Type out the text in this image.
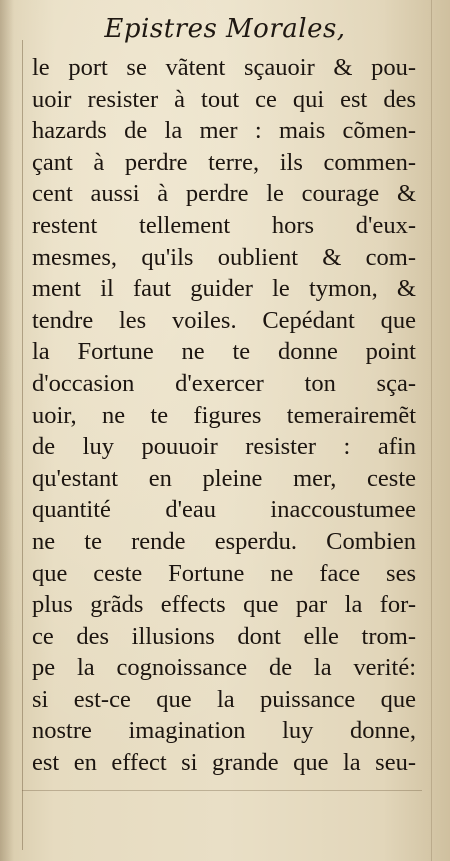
Epistres Morales,
le port se vãtent sçauoir & pou-
uoir resister à tout ce qui est des
hazards de la mer : mais cõmen-
çant à perdre terre, ils commen-
cent aussi à perdre le courage &
restent tellement hors d'eux-
mesmes, qu'ils oublient & com-
ment il faut guider le tymon, &
tendre les voiles. Cepédant que
la Fortune ne te donne point
d'occasion d'exercer ton sça-
uoir, ne te figures temerairemẽt
de luy pouuoir resister : afin
qu'estant en pleine mer, ceste
quantité d'eau inaccoustumee
ne te rende esperdu. Combien
que ceste Fortune ne face ses
plus grãds effects que par la for-
ce des illusions dont elle trom-
pe la cognoissance de la verité:
si est-ce que la puissance que
nostre imagination luy donne,
est en effect si grande que la seu-
